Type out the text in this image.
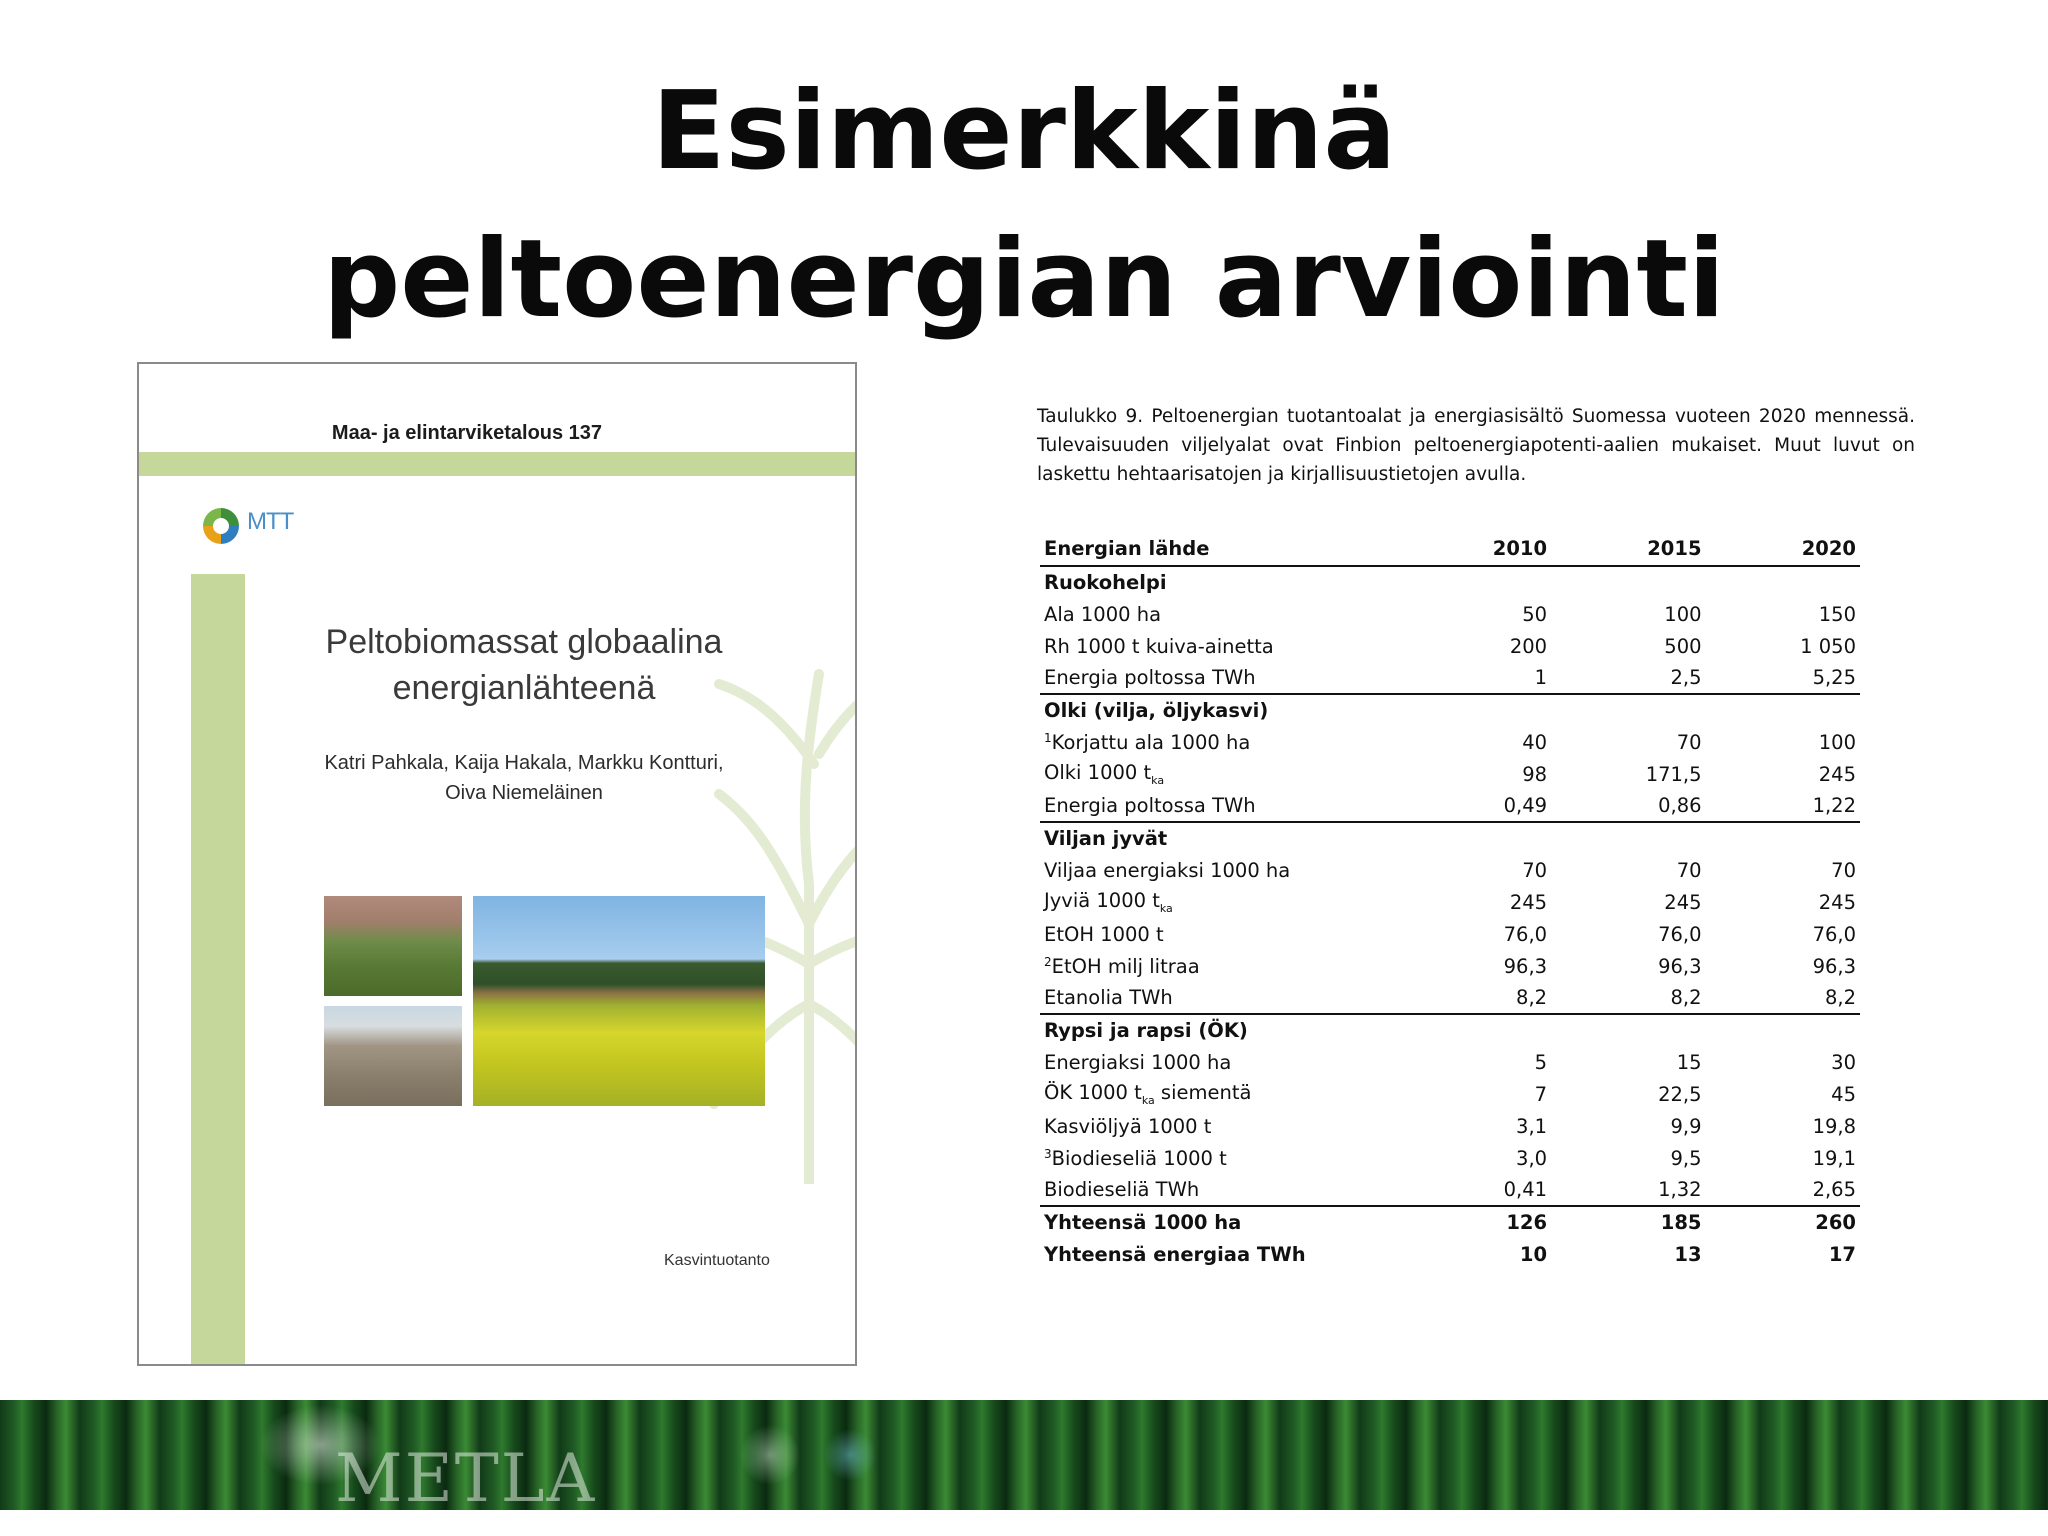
Esimerkkinä
peltoenergian arviointi
Maa- ja elintarviketalous 137
MTT
Peltobiomassat globaalina
energianlähteenä
Katri Pahkala, Kaija Hakala, Markku Kontturi,
Oiva Niemeläinen
Kasvintuotanto
Taulukko 9. Peltoenergian tuotantoalat ja energiasisältö Suomessa vuoteen 2020 mennessä. Tulevaisuuden viljelyalat ovat Finbion peltoenergiapotenti-aalien mukaiset. Muut luvut on laskettu hehtaarisatojen ja kirjallisuustietojen avulla.
Energian lähde	2010	2015	2020
Ruokohelpi			
Ala 1000 ha	50	100	150
Rh 1000 t kuiva-ainetta	200	500	1 050
Energia poltossa TWh	1	2,5	5,25
Olki (vilja, öljykasvi)			
$^1$Korjattu ala 1000 ha	40	70	100
Olki 1000 $t_{ka}$	98	171,5	245
Energia poltossa TWh	0,49	0,86	1,22
Viljan jyvät			
Viljaa energiaksi 1000 ha	70	70	70
Jyviä 1000 $t_{ka}$	245	245	245
EtOH 1000 t	76,0	76,0	76,0
$^2$EtOH milj litraa	96,3	96,3	96,3
Etanolia TWh	8,2	8,2	8,2
Rypsi ja rapsi (ÖK)			
Energiaksi 1000 ha	5	15	30
ÖK 1000 $t_{ka}$ siementä	7	22,5	45
Kasviöljyä 1000 t	3,1	9,9	19,8
$^3$Biodieseliä 1000 t	3,0	9,5	19,1
Biodieseliä TWh	0,41	1,32	2,65
Yhteensä 1000 ha	126	185	260
Yhteensä energiaa TWh	10	13	17
METLA
